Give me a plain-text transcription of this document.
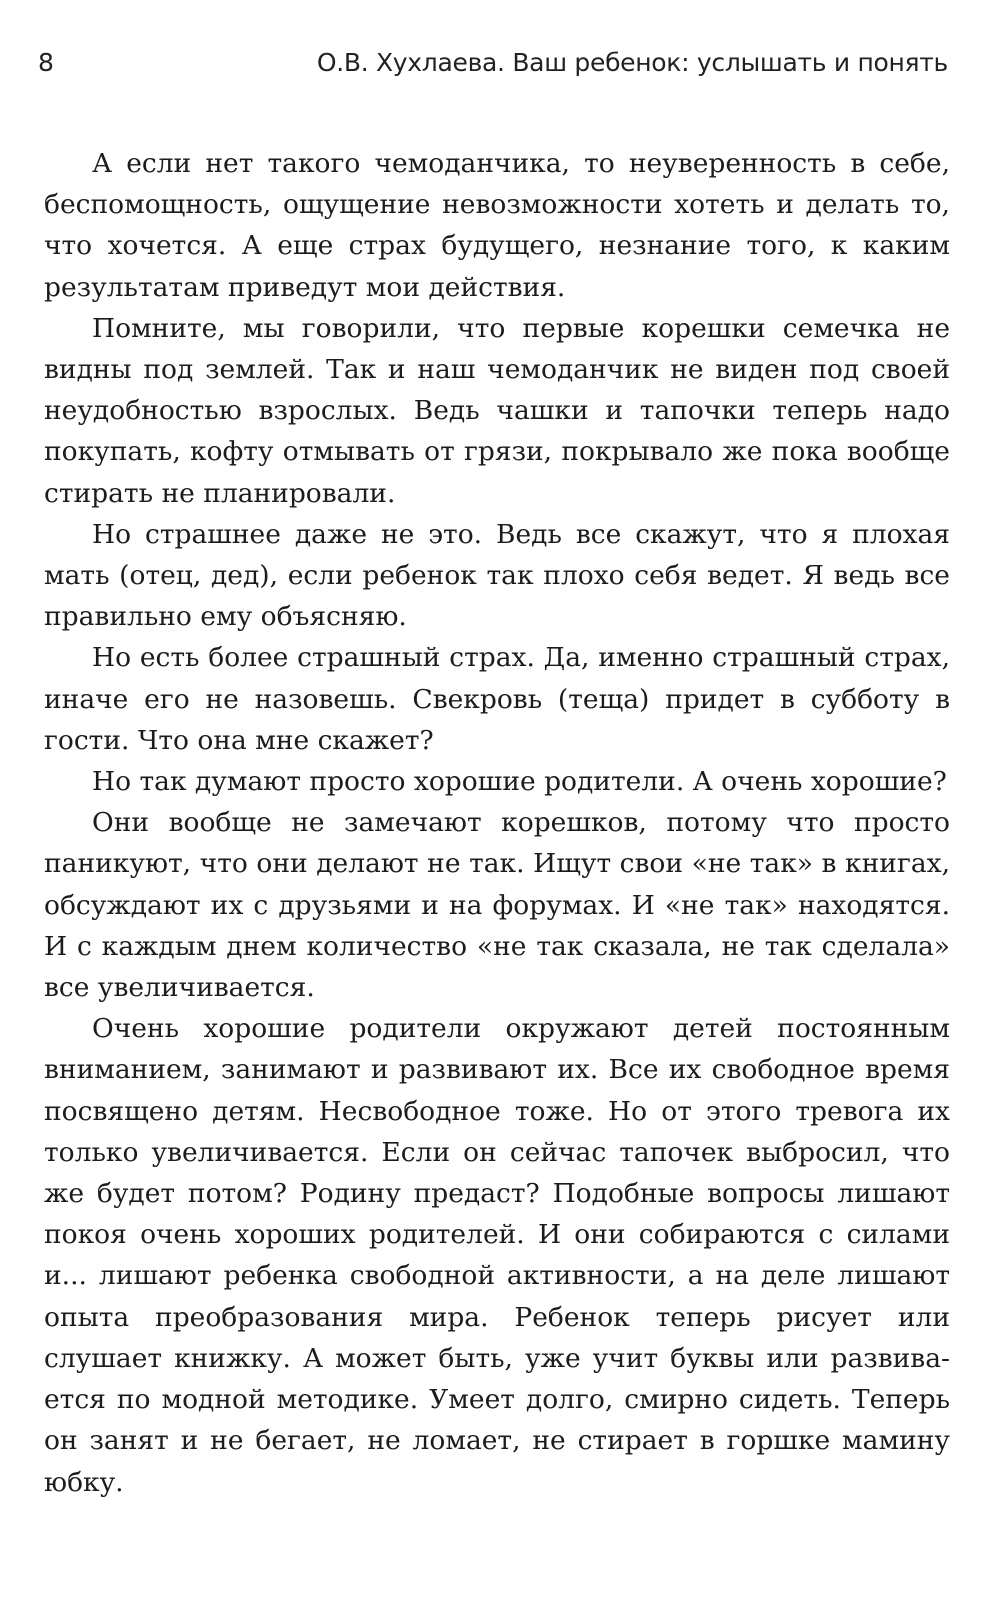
8	О.В. Хухлаева. Ваш ребенок: услышать и понять

А если нет такого чемоданчика, то неуверенность в себе, беспомощность, ощущение невозможности хотеть и делать то, что хочется. А еще страх будущего, незнание того, к каким результатам приведут мои действия.

Помните, мы говорили, что первые корешки семечка не видны под землей. Так и наш чемоданчик не виден под своей неудобностью взрослых. Ведь чашки и тапочки теперь надо покупать, кофту отмывать от грязи, покрывало же пока вообще стирать не планировали.

Но страшнее даже не это. Ведь все скажут, что я плохая мать (отец, дед), если ребенок так плохо себя ведет. Я ведь все правильно ему объясняю.

Но есть более страшный страх. Да, именно страшный страх, иначе его не назовешь. Свекровь (теща) придет в субботу в гости. Что она мне скажет?

Но так думают просто хорошие родители. А очень хорошие?

Они вообще не замечают корешков, потому что просто паникуют, что они делают не так. Ищут свои «не так» в книгах, обсуждают их с друзьями и на форумах. И «не так» находятся. И с каждым днем количество «не так сказала, не так сделала» все увеличивается.

Очень хорошие родители окружают детей постоянным вниманием, занимают и развивают их. Все их свободное время посвящено детям. Несвободное тоже. Но от этого тревога их только увеличивается. Если он сейчас тапочек выбросил, что же будет потом? Родину предаст? Подобные вопросы лишают покоя очень хороших родителей. И они собираются с силами и... лишают ребенка свободной активности, а на деле лишают опыта преобразования мира. Ребенок теперь рисует или слушает книжку. А может быть, уже учит буквы или развивается по модной методике. Умеет долго, смирно сидеть. Теперь он занят и не бегает, не ломает, не стирает в горшке мамину юбку.
